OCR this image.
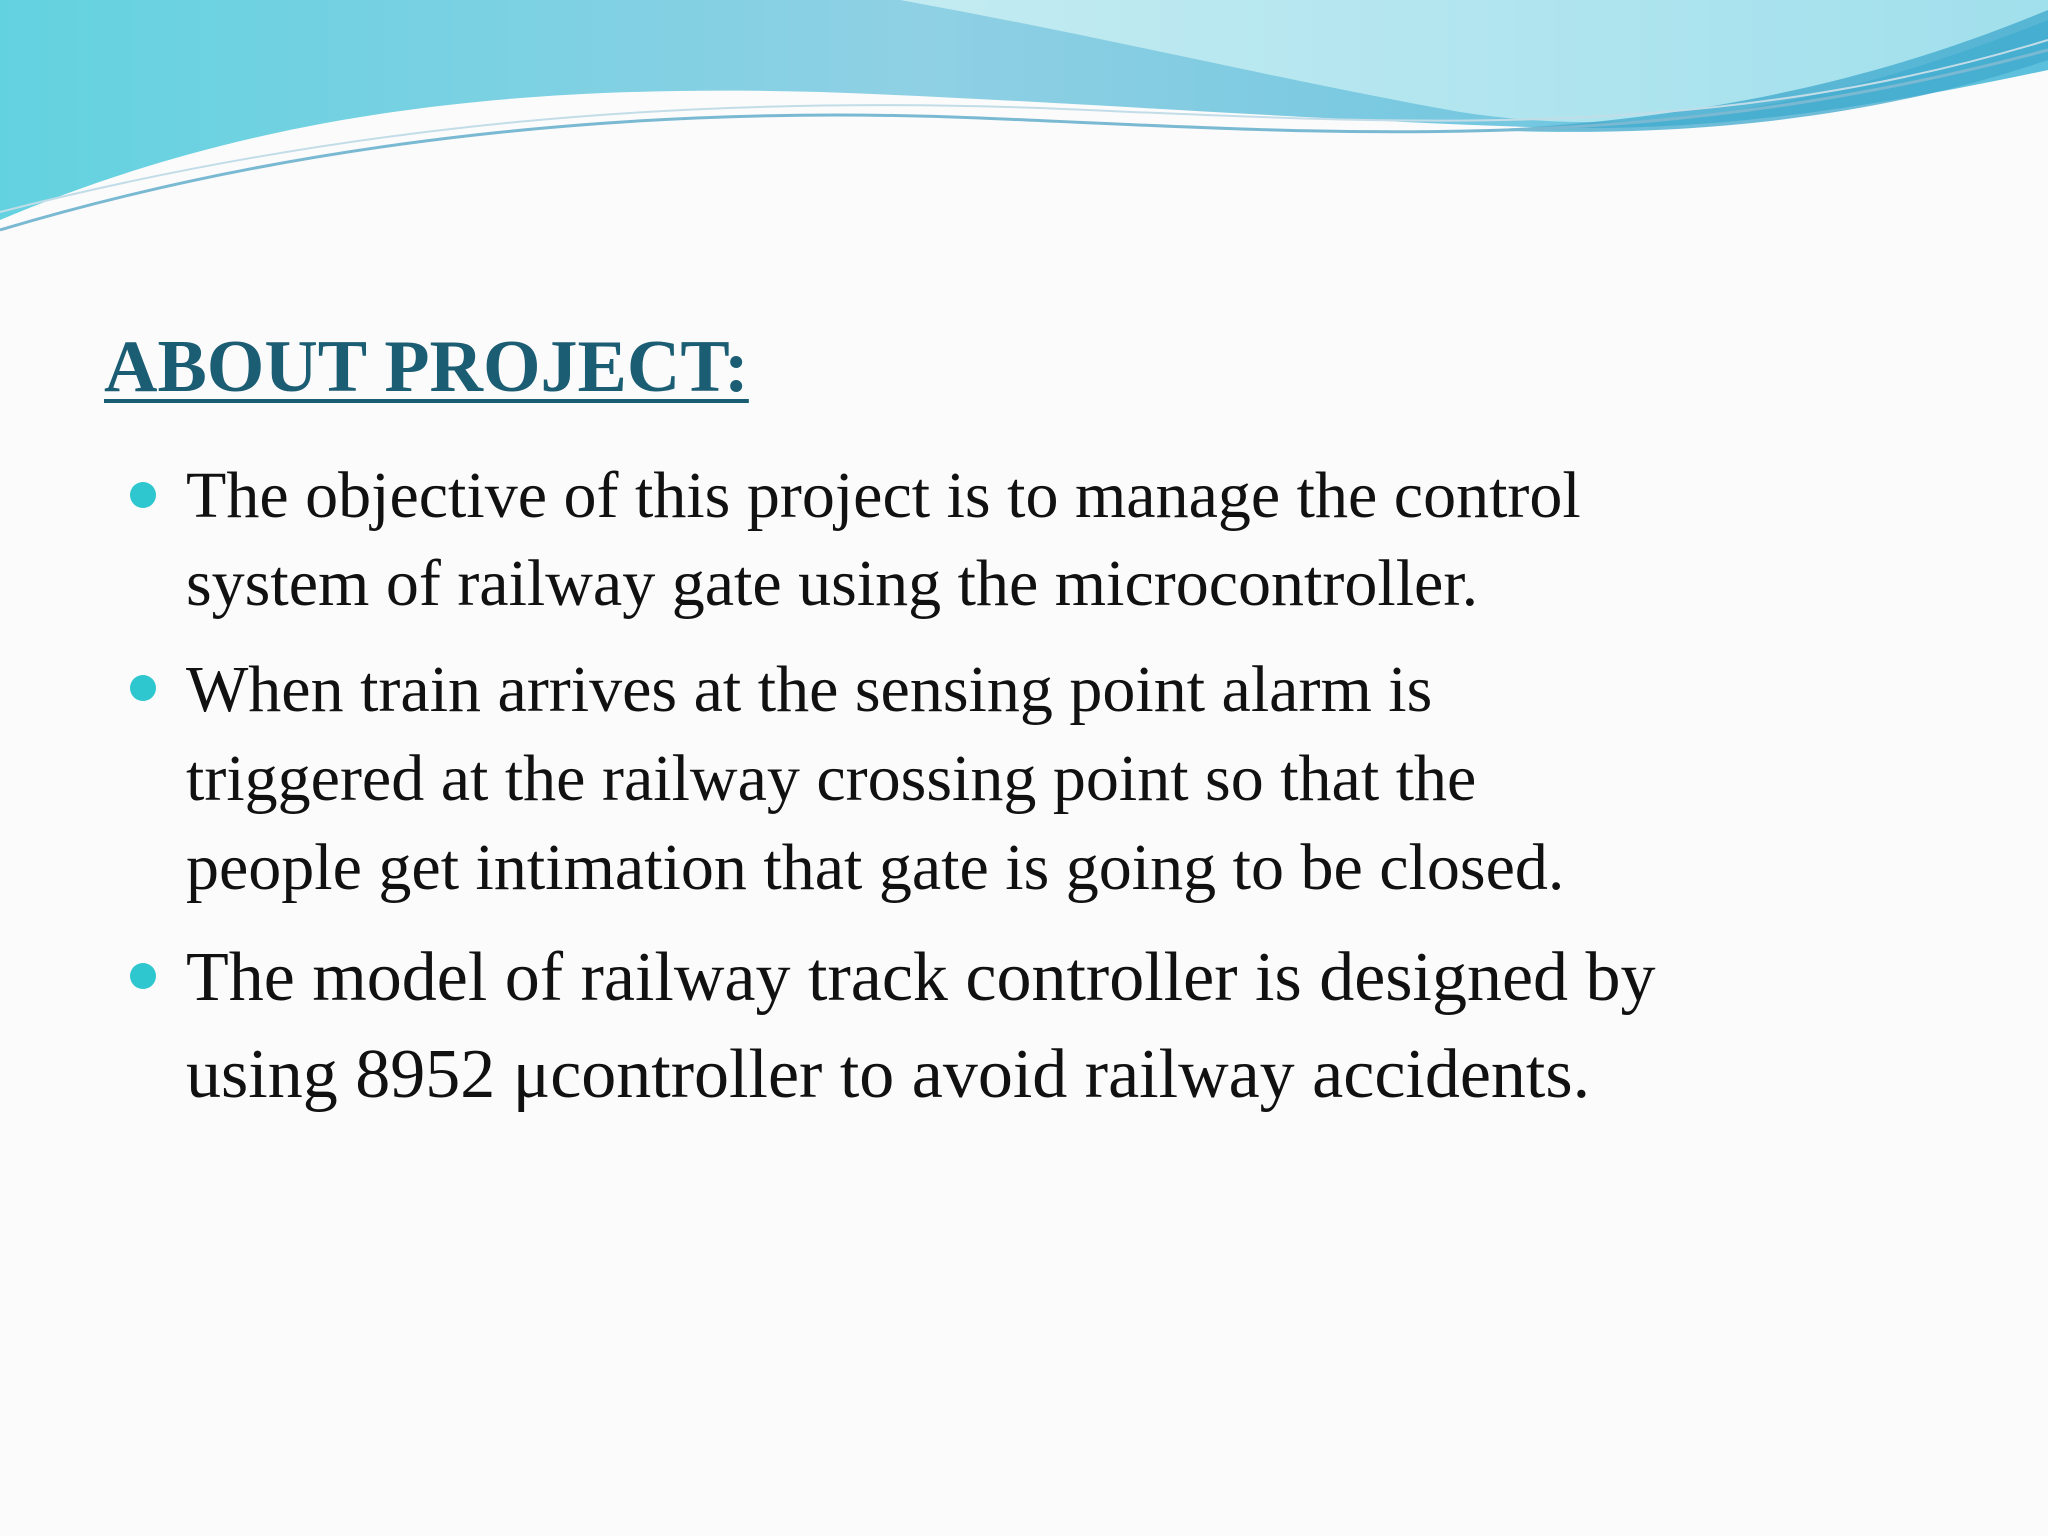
ABOUT PROJECT:
The objective of this project is to manage the control
system of railway gate using the microcontroller.
When train arrives at the sensing point alarm is
triggered at the railway crossing point so that the
people get intimation that gate is going to be closed.
The model of railway track controller is designed by
using 8952 μcontroller to avoid railway accidents.
